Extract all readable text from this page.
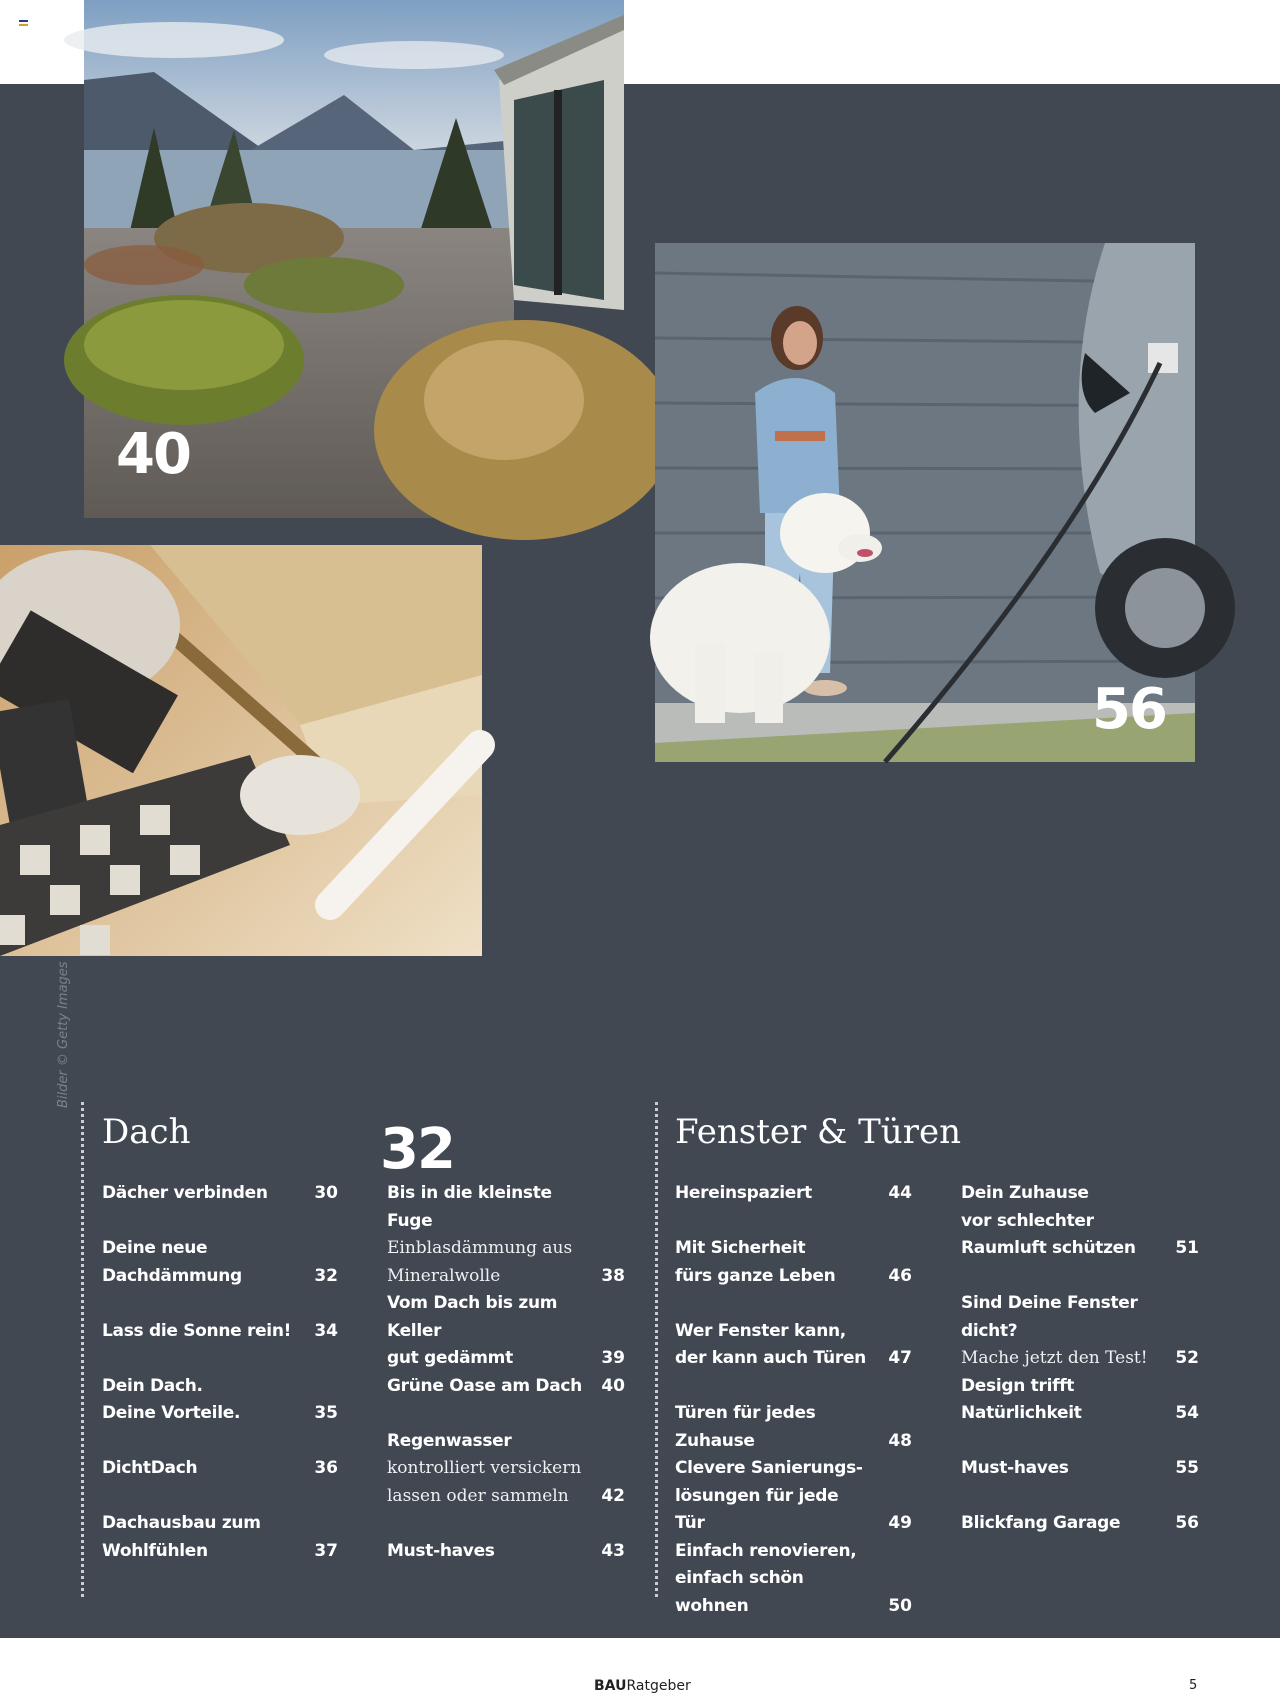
40
56
32
Bilder © Getty Images
Dach	Fenster & Türen
Dächer verbinden	30
Deine neue
Dachdämmung	32
Lass die Sonne rein!	34
Dein Dach.
Deine Vorteile.	35
DichtDach	36
Dachausbau zum
Wohlfühlen	37
Bis in die kleinste Fuge
Einblasdämmung aus
Mineralwolle	38
Vom Dach bis zum Keller
gut gedämmt	39
Grüne Oase am Dach 40
Regenwasser
kontrolliert versickern
lassen oder sammeln	42
Must-haves	43
Hereinspaziert	44
Mit Sicherheit
fürs ganze Leben	46
Wer Fenster kann,
der kann auch Türen	47
Türen für jedes Zuhause	48
Clevere Sanierungs-
lösungen für jede Tür	49
Einfach renovieren,
einfach schön wohnen	50
Dein Zuhause
vor schlechter
Raumluft schützen	51
Sind Deine Fenster dicht?
Mache jetzt den Test!	52
Design trifft
Natürlichkeit	54
Must-haves	55
Blickfang Garage	56
BAURatgeber	5
